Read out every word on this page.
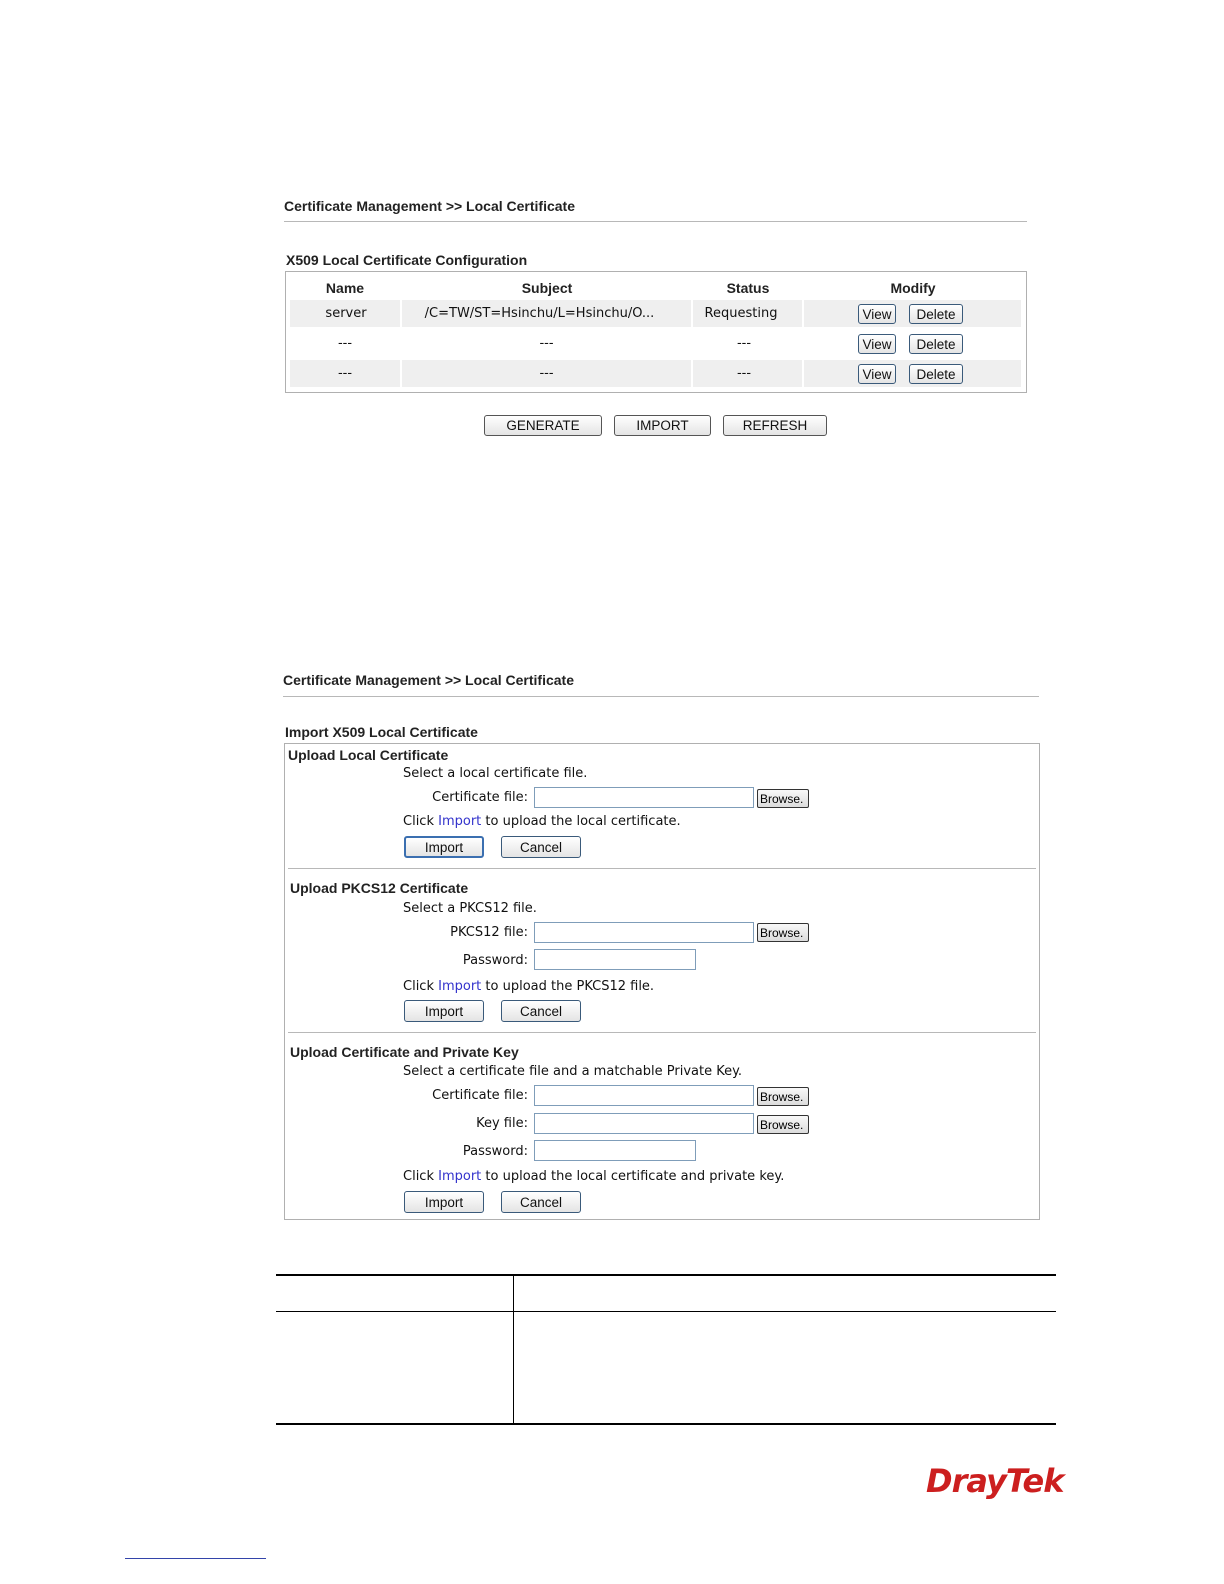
Certificate Management >> Local Certificate
X509 Local Certificate Configuration
Name	Subject	Status	Modify
server	/C=TW/ST=Hsinchu/L=Hsinchu/O...	Requesting	View	Delete
---	---	---	View	Delete
---	---	---	View	Delete
GENERATE	IMPORT	REFRESH
Certificate Management >> Local Certificate
Import X509 Local Certificate
Upload Local Certificate
Select a local certificate file.
Certificate file:	Browse.
Click Import to upload the local certificate.
Import	Cancel
Upload PKCS12 Certificate
Select a PKCS12 file.
PKCS12 file:	Browse.
Password:
Click Import to upload the PKCS12 file.
Import	Cancel
Upload Certificate and Private Key
Select a certificate file and a matchable Private Key.
Certificate file:	Browse.
Key file:	Browse.
Password:
Click Import to upload the local certificate and private key.
Import	Cancel
DrayTek
